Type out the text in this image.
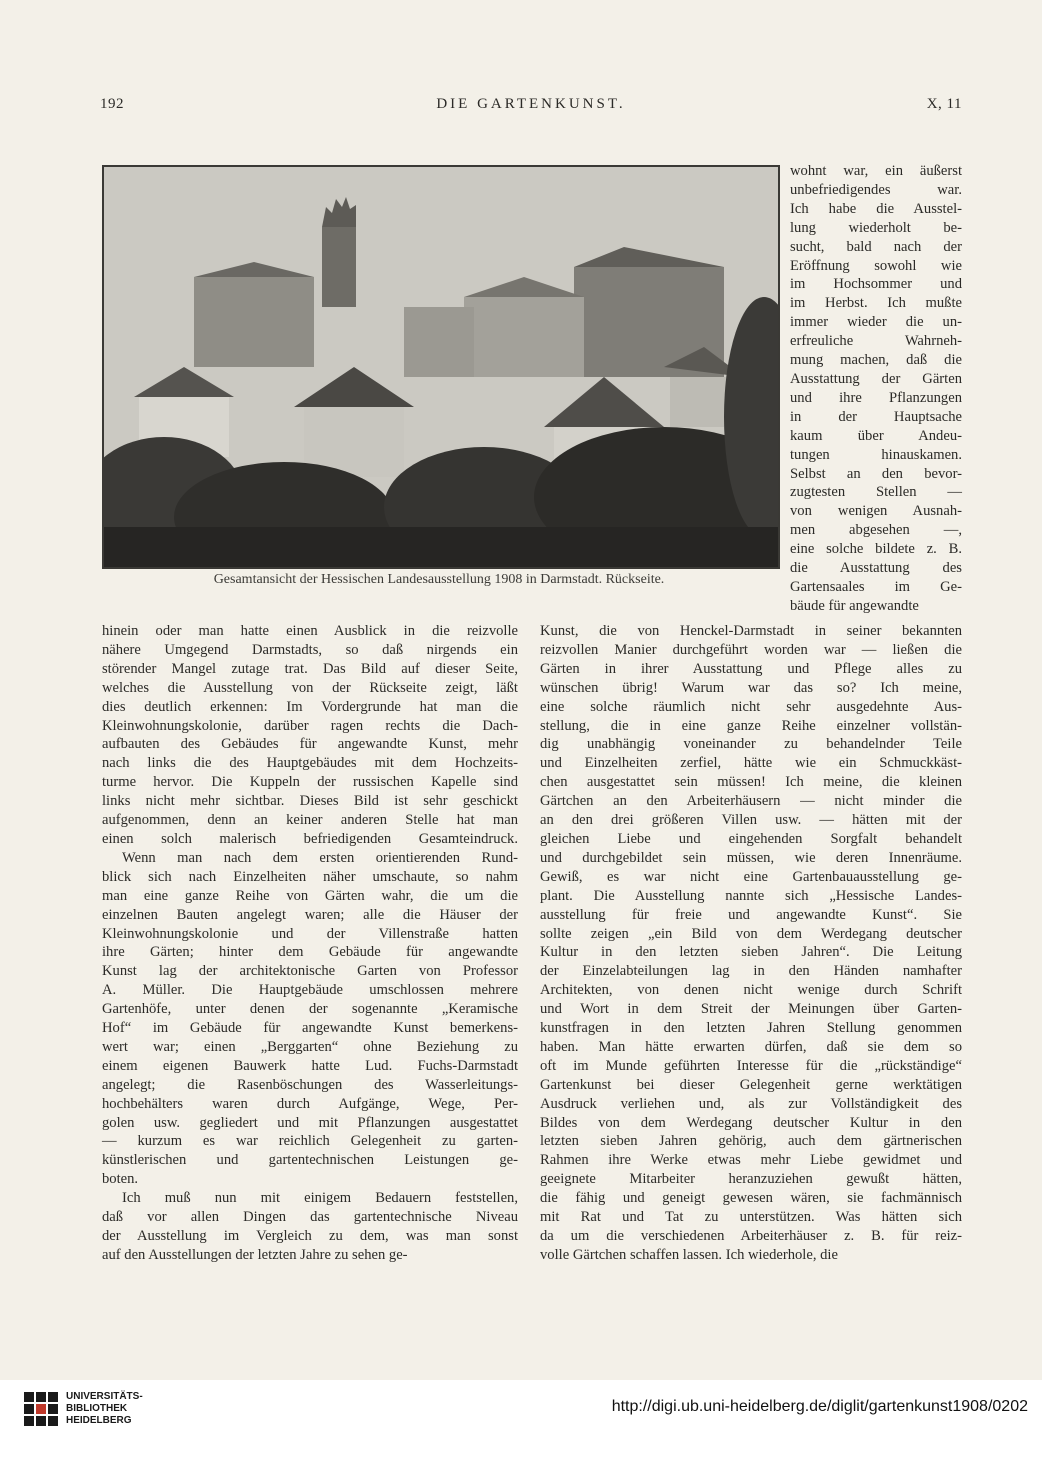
192	DIE GARTENKUNST.	X, 11
Gesamtansicht der Hessischen Landesausstellung 1908 in Darmstadt. Rückseite.
wohnt war, ein äußerst
unbefriedigendes war.
Ich habe die Ausstel-
lung wiederholt be-
sucht, bald nach der
Eröffnung sowohl wie
im Hochsommer und
im Herbst. Ich mußte
immer wieder die un-
erfreuliche Wahrneh-
mung machen, daß die
Ausstattung der Gärten
und ihre Pflanzungen
in der Hauptsache
kaum über Andeu-
tungen hinauskamen.
Selbst an den bevor-
zugtesten Stellen —
von wenigen Ausnah-
men abgesehen —,
eine solche bildete z. B.
die Ausstattung des
Gartensaales im Ge-
bäude für angewandte
hinein oder man hatte einen Ausblick in die reizvolle
nähere Umgegend Darmstadts, so daß nirgends ein
störender Mangel zutage trat. Das Bild auf dieser Seite,
welches die Ausstellung von der Rückseite zeigt, läßt
dies deutlich erkennen: Im Vordergrunde hat man die
Kleinwohnungskolonie, darüber ragen rechts die Dach-
aufbauten des Gebäudes für angewandte Kunst, mehr
nach links die des Hauptgebäudes mit dem Hochzeits-
turme hervor. Die Kuppeln der russischen Kapelle sind
links nicht mehr sichtbar. Dieses Bild ist sehr geschickt
aufgenommen, denn an keiner anderen Stelle hat man
einen solch malerisch befriedigenden Gesamteindruck.
Wenn man nach dem ersten orientierenden Rund-
blick sich nach Einzelheiten näher umschaute, so nahm
man eine ganze Reihe von Gärten wahr, die um die
einzelnen Bauten angelegt waren; alle die Häuser der
Kleinwohnungskolonie und der Villenstraße hatten
ihre Gärten; hinter dem Gebäude für angewandte
Kunst lag der architektonische Garten von Professor
A. Müller. Die Hauptgebäude umschlossen mehrere
Gartenhöfe, unter denen der sogenannte „Keramische
Hof“ im Gebäude für angewandte Kunst bemerkens-
wert war; einen „Berggarten“ ohne Beziehung zu
einem eigenen Bauwerk hatte Lud. Fuchs-Darmstadt
angelegt; die Rasenböschungen des Wasserleitungs-
hochbehälters waren durch Aufgänge, Wege, Per-
golen usw. gegliedert und mit Pflanzungen ausgestattet
— kurzum es war reichlich Gelegenheit zu garten-
künstlerischen und gartentechnischen Leistungen ge-
boten.
Ich muß nun mit einigem Bedauern feststellen,
daß vor allen Dingen das gartentechnische Niveau
der Ausstellung im Vergleich zu dem, was man sonst
auf den Ausstellungen der letzten Jahre zu sehen ge-
Kunst, die von Henckel-Darmstadt in seiner bekannten
reizvollen Manier durchgeführt worden war — ließen die
Gärten in ihrer Ausstattung und Pflege alles zu
wünschen übrig! Warum war das so? Ich meine,
eine solche räumlich nicht sehr ausgedehnte Aus-
stellung, die in eine ganze Reihe einzelner vollstän-
dig unabhängig voneinander zu behandelnder Teile
und Einzelheiten zerfiel, hätte wie ein Schmuckkäst-
chen ausgestattet sein müssen! Ich meine, die kleinen
Gärtchen an den Arbeiterhäusern — nicht minder die
an den drei größeren Villen usw. — hätten mit der
gleichen Liebe und eingehenden Sorgfalt behandelt
und durchgebildet sein müssen, wie deren Innenräume.
Gewiß, es war nicht eine Gartenbauausstellung ge-
plant. Die Ausstellung nannte sich „Hessische Landes-
ausstellung für freie und angewandte Kunst“. Sie
sollte zeigen „ein Bild von dem Werdegang deutscher
Kultur in den letzten sieben Jahren“. Die Leitung
der Einzelabteilungen lag in den Händen namhafter
Architekten, von denen nicht wenige durch Schrift
und Wort in dem Streit der Meinungen über Garten-
kunstfragen in den letzten Jahren Stellung genommen
haben. Man hätte erwarten dürfen, daß sie dem so
oft im Munde geführten Interesse für die „rückständige“
Gartenkunst bei dieser Gelegenheit gerne werktätigen
Ausdruck verliehen und, als zur Vollständigkeit des
Bildes von dem Werdegang deutscher Kultur in den
letzten sieben Jahren gehörig, auch dem gärtnerischen
Rahmen ihre Werke etwas mehr Liebe gewidmet und
geeignete Mitarbeiter heranzuziehen gewußt hätten,
die fähig und geneigt gewesen wären, sie fachmännisch
mit Rat und Tat zu unterstützen. Was hätten sich
da um die verschiedenen Arbeiterhäuser z. B. für reiz-
volle Gärtchen schaffen lassen. Ich wiederhole, die
UNIVERSITÄTS-
BIBLIOTHEK
HEIDELBERG
http://digi.ub.uni-heidelberg.de/diglit/gartenkunst1908/0202
